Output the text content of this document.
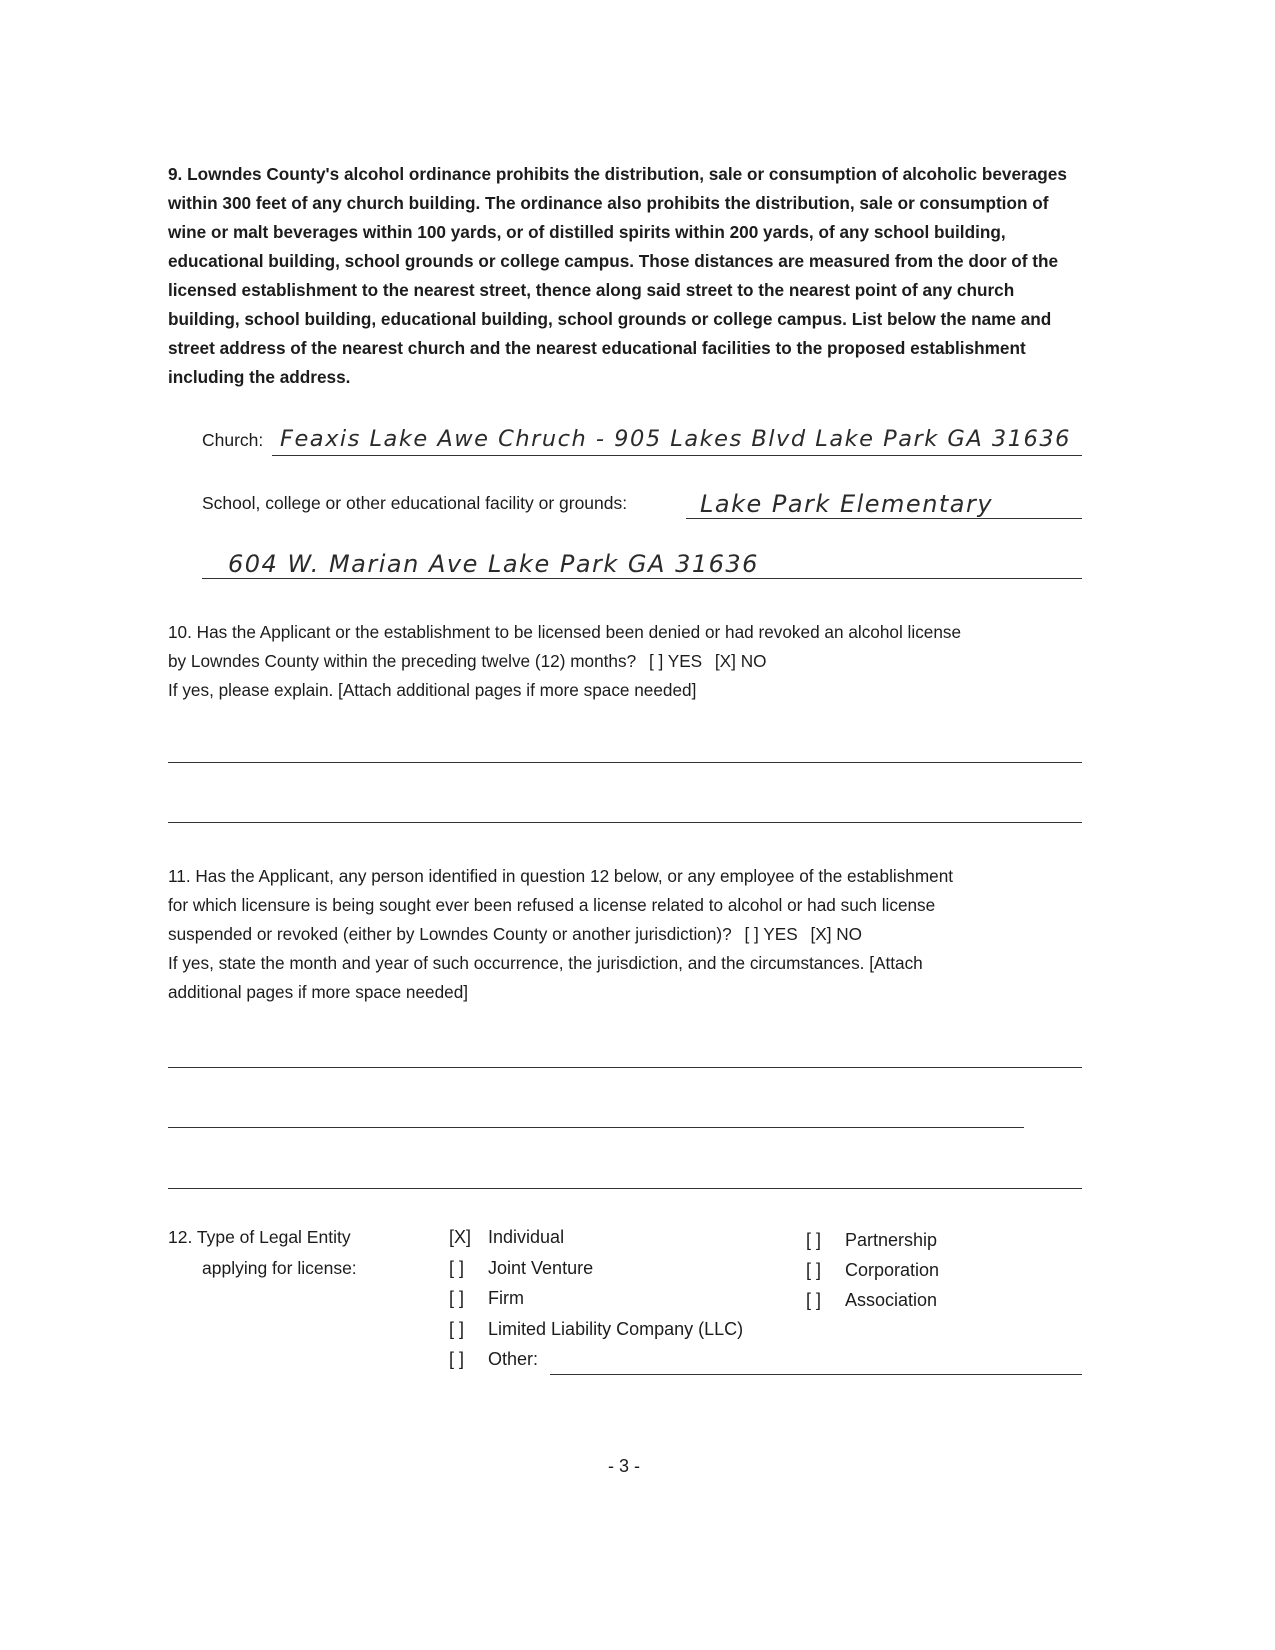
9. Lowndes County's alcohol ordinance prohibits the distribution, sale or consumption of alcoholic beverages within 300 feet of any church building. The ordinance also prohibits the distribution, sale or consumption of wine or malt beverages within 100 yards, or of distilled spirits within 200 yards, of any school building, educational building, school grounds or college campus. Those distances are measured from the door of the licensed establishment to the nearest street, thence along said street to the nearest point of any church building, school building, educational building, school grounds or college campus. List below the name and street address of the nearest church and the nearest educational facilities to the proposed establishment including the address.

Church: Feaxis Lake Awe Chruch - 905 Lakes Blvd Lake Park GA 31636
School, college or other educational facility or grounds:	Lake Park Elementary
604 W. Marian Ave Lake Park GA 31636
10. Has the Applicant or the establishment to be licensed been denied or had revoked an alcohol license
by Lowndes County within the preceding twelve (12) months? [ ] YES [X] NO
If yes, please explain. [Attach additional pages if more space needed]
11. Has the Applicant, any person identified in question 12 below, or any employee of the establishment
for which licensure is being sought ever been refused a license related to alcohol or had such license
suspended or revoked (either by Lowndes County or another jurisdiction)? [ ] YES [X] NO
If yes, state the month and year of such occurrence, the jurisdiction, and the circumstances. [Attach
additional pages if more space needed]
12. Type of Legal Entity
applying for license:
[X] Individual
[ ] Joint Venture
[ ] Firm
[ ] Limited Liability Company (LLC)
[ ] Other:
[ ] Partnership
[ ] Corporation
[ ] Association
- 3 -
